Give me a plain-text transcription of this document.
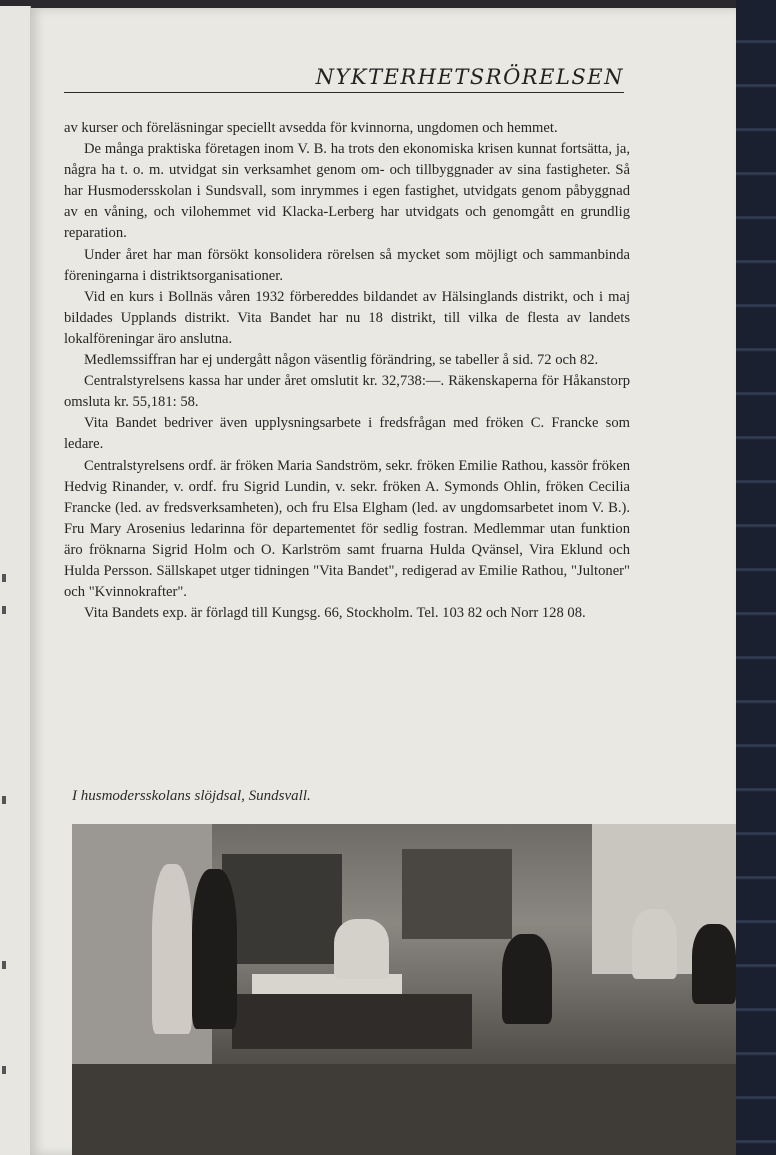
NYKTERHETSRÖRELSEN

av kurser och föreläsningar speciellt avsedda för kvinnorna, ungdomen och hemmet.

De många praktiska företagen inom V. B. ha trots den ekonomiska krisen kunnat fortsätta, ja, några ha t. o. m. utvidgat sin verksamhet genom om- och tillbyggnader av sina fastigheter. Så har Husmodersskolan i Sundsvall, som inrymmes i egen fastighet, utvidgats genom påbyggnad av en våning, och vilohemmet vid Klacka-Lerberg har utvidgats och genomgått en grundlig reparation.

Under året har man försökt konsolidera rörelsen så mycket som möjligt och sammanbinda föreningarna i distriktsorganisationer.

Vid en kurs i Bollnäs våren 1932 förbereddes bildandet av Hälsinglands distrikt, och i maj bildades Upplands distrikt. Vita Bandet har nu 18 distrikt, till vilka de flesta av landets lokalföreningar äro anslutna.

Medlemssiffran har ej undergått någon väsentlig förändring, se tabeller å sid. 72 och 82.

Centralstyrelsens kassa har under året omslutit kr. 32,738:—. Räkenskaperna för Håkanstorp omsluta kr. 55,181: 58.

Vita Bandet bedriver även upplysningsarbete i fredsfrågan med fröken C. Francke som ledare.

Centralstyrelsens ordf. är fröken Maria Sandström, sekr. fröken Emilie Rathou, kassör fröken Hedvig Rinander, v. ordf. fru Sigrid Lundin, v. sekr. fröken A. Symonds Ohlin, fröken Cecilia Francke (led. av fredsverksamheten), och fru Elsa Elgham (led. av ungdomsarbetet inom V. B.). Fru Mary Arosenius ledarinna för departementet för sedlig fostran. Medlemmar utan funktion äro fröknarna Sigrid Holm och O. Karlström samt fruarna Hulda Qvänsel, Vira Eklund och Hulda Persson. Sällskapet utger tidningen "Vita Bandet", redigerad av Emilie Rathou, "Jultoner" och "Kvinnokrafter".

Vita Bandets exp. är förlagd till Kungsg. 66, Stockholm. Tel. 103 82 och Norr 128 08.

I husmodersskolans slöjdsal, Sundsvall.
